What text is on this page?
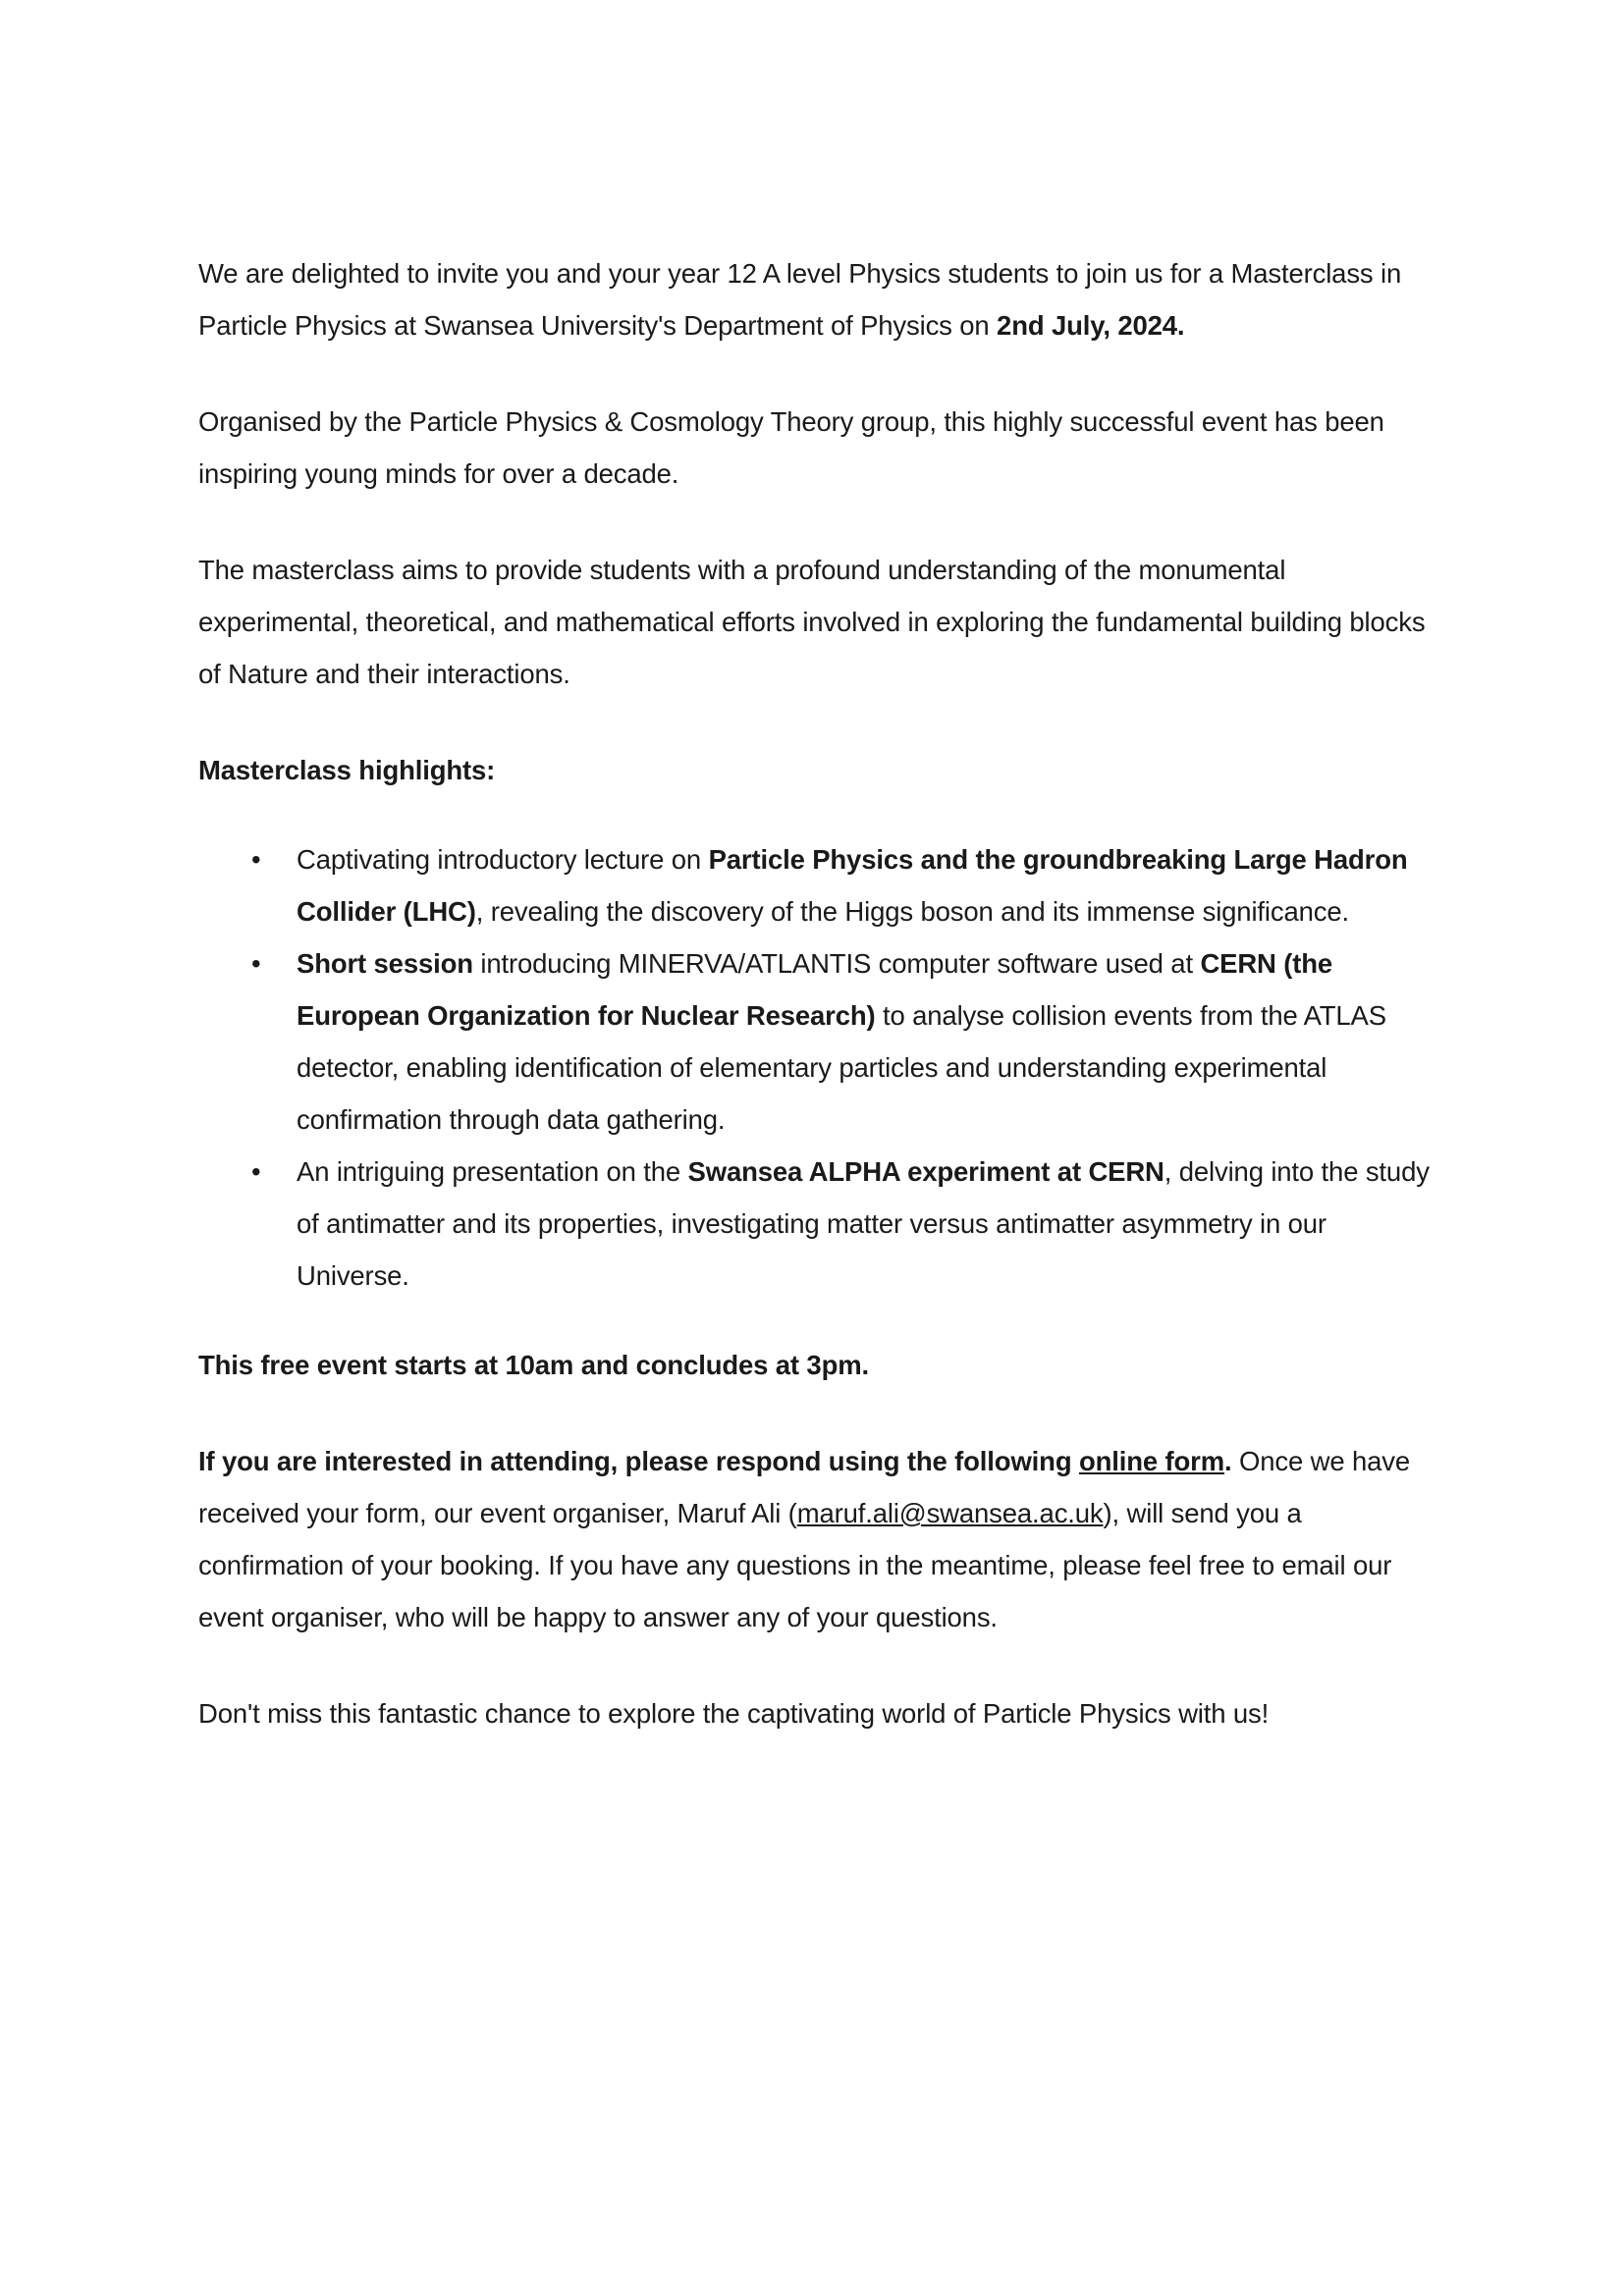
We are delighted to invite you and your year 12 A level Physics students to join us for a Masterclass in Particle Physics at Swansea University's Department of Physics on 2nd July, 2024.

Organised by the Particle Physics & Cosmology Theory group, this highly successful event has been inspiring young minds for over a decade.

The masterclass aims to provide students with a profound understanding of the monumental experimental, theoretical, and mathematical efforts involved in exploring the fundamental building blocks of Nature and their interactions.

Masterclass highlights:

• Captivating introductory lecture on Particle Physics and the groundbreaking Large Hadron Collider (LHC), revealing the discovery of the Higgs boson and its immense significance.
• Short session introducing MINERVA/ATLANTIS computer software used at CERN (the European Organization for Nuclear Research) to analyse collision events from the ATLAS detector, enabling identification of elementary particles and understanding experimental confirmation through data gathering.
• An intriguing presentation on the Swansea ALPHA experiment at CERN, delving into the study of antimatter and its properties, investigating matter versus antimatter asymmetry in our Universe.

This free event starts at 10am and concludes at 3pm.

If you are interested in attending, please respond using the following online form. Once we have received your form, our event organiser, Maruf Ali (maruf.ali@swansea.ac.uk), will send you a confirmation of your booking. If you have any questions in the meantime, please feel free to email our event organiser, who will be happy to answer any of your questions.

Don't miss this fantastic chance to explore the captivating world of Particle Physics with us!
